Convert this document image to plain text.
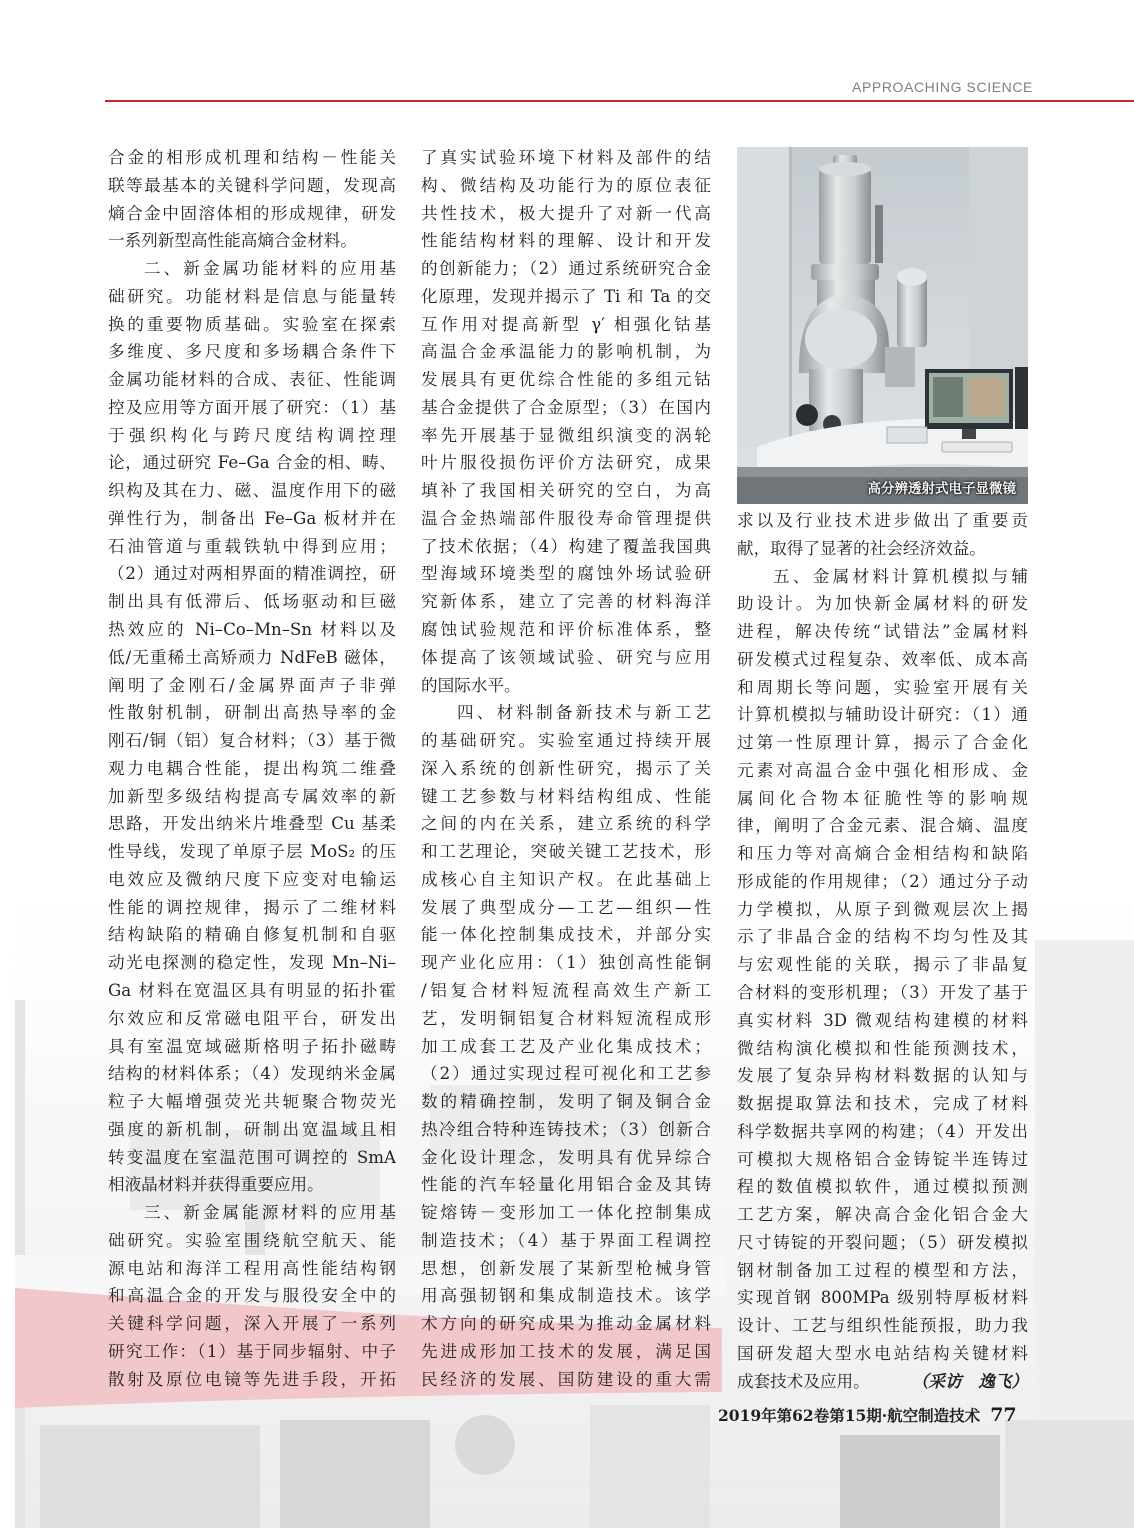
APPROACHING SCIENCE
高分辨透射式电子显微镜
合金的相形成机理和结构－性能关
联等最基本的关键科学问题，发现高
熵合金中固溶体相的形成规律，研发
一系列新型高性能高熵合金材料。
二、新金属功能材料的应用基
础研究。功能材料是信息与能量转
换的重要物质基础。实验室在探索
多维度、多尺度和多场耦合条件下
金属功能材料的合成、表征、性能调
控及应用等方面开展了研究：（1）基
于强织构化与跨尺度结构调控理
论，通过研究 Fe–Ga 合金的相、畴、
织构及其在力、磁、温度作用下的磁
弹性行为，制备出 Fe–Ga 板材并在
石油管道与重载铁轨中得到应用；
（2）通过对两相界面的精准调控，研
制出具有低滞后、低场驱动和巨磁
热效应的 Ni–Co–Mn–Sn 材料以及
低/无重稀土高矫顽力 NdFeB 磁体，
阐明了金刚石/金属界面声子非弹
性散射机制，研制出高热导率的金
刚石/铜（铝）复合材料；（3）基于微
观力电耦合性能，提出构筑二维叠
加新型多级结构提高专属效率的新
思路，开发出纳米片堆叠型 Cu 基柔
性导线，发现了单原子层 MoS₂ 的压
电效应及微纳尺度下应变对电输运
性能的调控规律，揭示了二维材料
结构缺陷的精确自修复机制和自驱
动光电探测的稳定性，发现 Mn–Ni–
Ga 材料在宽温区具有明显的拓扑霍
尔效应和反常磁电阻平台，研发出
具有室温宽域磁斯格明子拓扑磁畴
结构的材料体系；（4）发现纳米金属
粒子大幅增强荧光共轭聚合物荧光
强度的新机制，研制出宽温域且相
转变温度在室温范围可调控的 SmA
相液晶材料并获得重要应用。
三、新金属能源材料的应用基
础研究。实验室围绕航空航天、能
源电站和海洋工程用高性能结构钢
和高温合金的开发与服役安全中的
关键科学问题，深入开展了一系列
研究工作：（1）基于同步辐射、中子
散射及原位电镜等先进手段，开拓
了真实试验环境下材料及部件的结
构、微结构及功能行为的原位表征
共性技术，极大提升了对新一代高
性能结构材料的理解、设计和开发
的创新能力；（2）通过系统研究合金
化原理，发现并揭示了 Ti 和 Ta 的交
互作用对提高新型 γ′ 相强化钴基
高温合金承温能力的影响机制，为
发展具有更优综合性能的多组元钴
基合金提供了合金原型；（3）在国内
率先开展基于显微组织演变的涡轮
叶片服役损伤评价方法研究，成果
填补了我国相关研究的空白，为高
温合金热端部件服役寿命管理提供
了技术依据；（4）构建了覆盖我国典
型海域环境类型的腐蚀外场试验研
究新体系，建立了完善的材料海洋
腐蚀试验规范和评价标准体系，整
体提高了该领域试验、研究与应用
的国际水平。
四、材料制备新技术与新工艺
的基础研究。实验室通过持续开展
深入系统的创新性研究，揭示了关
键工艺参数与材料结构组成、性能
之间的内在关系，建立系统的科学
和工艺理论，突破关键工艺技术，形
成核心自主知识产权。在此基础上
发展了典型成分—工艺—组织—性
能一体化控制集成技术，并部分实
现产业化应用：（1）独创高性能铜
/铝复合材料短流程高效生产新工
艺，发明铜铝复合材料短流程成形
加工成套工艺及产业化集成技术；
（2）通过实现过程可视化和工艺参
数的精确控制，发明了铜及铜合金
热冷组合特种连铸技术；（3）创新合
金化设计理念，发明具有优异综合
性能的汽车轻量化用铝合金及其铸
锭熔铸－变形加工一体化控制集成
制造技术；（4）基于界面工程调控
思想，创新发展了某新型枪械身管
用高强韧钢和集成制造技术。该学
术方向的研究成果为推动金属材料
先进成形加工技术的发展，满足国
民经济的发展、国防建设的重大需
求以及行业技术进步做出了重要贡
献，取得了显著的社会经济效益。
五、金属材料计算机模拟与辅
助设计。为加快新金属材料的研发
进程，解决传统“试错法”金属材料
研发模式过程复杂、效率低、成本高
和周期长等问题，实验室开展有关
计算机模拟与辅助设计研究：（1）通
过第一性原理计算，揭示了合金化
元素对高温合金中强化相形成、金
属间化合物本征脆性等的影响规
律，阐明了合金元素、混合熵、温度
和压力等对高熵合金相结构和缺陷
形成能的作用规律；（2）通过分子动
力学模拟，从原子到微观层次上揭
示了非晶合金的结构不均匀性及其
与宏观性能的关联，揭示了非晶复
合材料的变形机理；（3）开发了基于
真实材料 3D 微观结构建模的材料
微结构演化模拟和性能预测技术，
发展了复杂异构材料数据的认知与
数据提取算法和技术，完成了材料
科学数据共享网的构建；（4）开发出
可模拟大规格铝合金铸锭半连铸过
程的数值模拟软件，通过模拟预测
工艺方案，解决高合金化铝合金大
尺寸铸锭的开裂问题；（5）研发模拟
钢材制备加工过程的模型和方法，
实现首钢 800MPa 级别特厚板材料
设计、工艺与组织性能预报，助力我
国研发超大型水电站结构关键材料
成套技术及应用。	（采访　逸飞）
2019年第62卷第15期·航空制造技术 77
